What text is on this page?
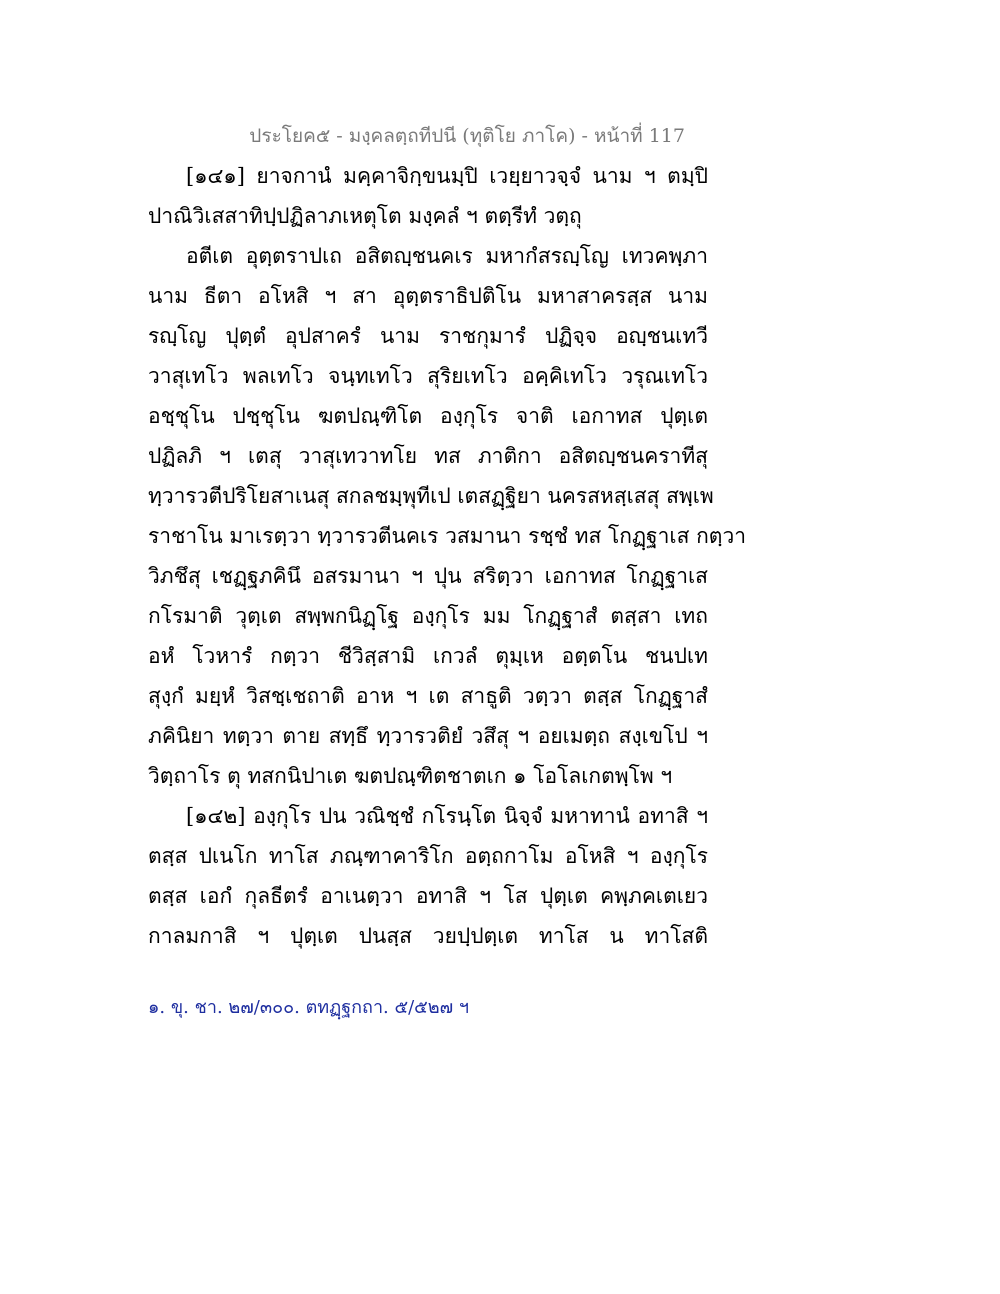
ประโยค๕ - มงฺคลตฺถทีปนี (ทุติโย ภาโค) - หน้าที่ 117
[๑๔๑] ยาจกานํ มคฺคาจิกฺขนมฺปิ เวยฺยาวจฺจํ นาม ฯ ตมฺปิ
ปาณิวิเสสาทิปฺปฏิลาภเหตุโต มงฺคลํ ฯ ตตฺรีทํ วตฺถุ
อตีเต อุตฺตราปเถ อสิตญฺชนคเร มหากํสรญฺโญ เทวคพฺภา
นาม ธีตา อโหสิ ฯ สา อุตฺตราธิปติโน มหาสาครสฺส นาม
รญฺโญ ปุตฺตํ อุปสาครํ นาม ราชกุมารํ ปฏิจฺจ อญฺชนเทวี
วาสุเทโว พลเทโว จนฺทเทโว สุริยเทโว อคฺคิเทโว วรุณเทโว
อชฺชุโน ปชฺชุโน ฆตปณฺฑิโต องฺกุโร จาติ เอกาทส ปุตฺเต
ปฏิลภิ ฯ เตสุ วาสุเทวาทโย ทส ภาติกา อสิตญฺชนคราทีสุ
ทฺวารวตีปริโยสาเนสุ สกลชมฺพุทีเป เตสฏฺฐิยา นครสหสฺเสสุ สพฺเพ
ราชาโน มาเรตฺวา ทฺวารวตีนคเร วสมานา รชฺชํ ทส โกฏฺฐาเส กตฺวา
วิภชึสุ เชฏฺฐภคินึ อสรมานา ฯ ปุน สริตฺวา เอกาทส โกฏฺฐาเส
กโรมาติ วุตฺเต สพฺพกนิฏฺโฐ องฺกุโร มม โกฏฺฐาสํ ตสฺสา เทถ
อหํ โวหารํ กตฺวา ชีวิสฺสามิ เกวลํ ตุมฺเห อตฺตโน ชนปเท
สุงฺกํ มยฺหํ วิสชฺเชถาติ อาห ฯ เต สาธูติ วตฺวา ตสฺส โกฏฺฐาสํ
ภคินิยา ทตฺวา ตาย สทฺธึ ทฺวารวติยํ วสึสุ ฯ อยเมตฺถ สงฺเขโป ฯ
วิตฺถาโร ตุ ทสกนิปาเต ฆตปณฺฑิตชาตเก ๑ โอโลเกตพฺโพ ฯ
[๑๔๒] องฺกุโร ปน วณิชฺชํ กโรนฺโต นิจฺจํ มหาทานํ อทาสิ ฯ
ตสฺส ปเนโก ทาโส ภณฺฑาคาริโก อตฺถกาโม อโหสิ ฯ องฺกุโร
ตสฺส เอกํ กุลธีตรํ อาเนตฺวา อทาสิ ฯ โส ปุตฺเต คพฺภคเตเยว
กาลมกาสิ ฯ ปุตฺเต ปนสฺส วยปฺปตฺเต ทาโส น ทาโสติ
๑. ขุ. ชา. ๒๗/๓๐๐. ตทฏฺฐกถา. ๕/๕๒๗ ฯ
